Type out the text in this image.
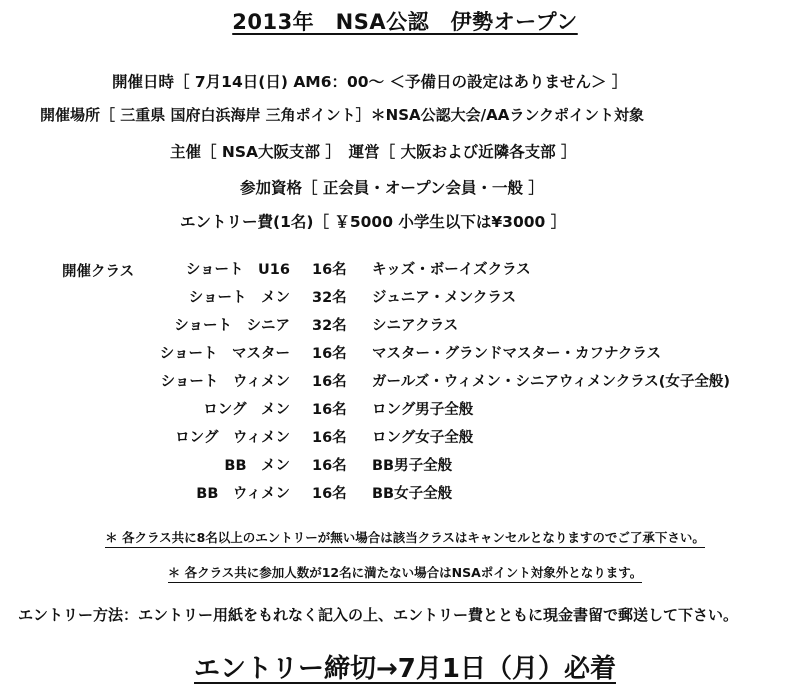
2013年　NSA公認　伊勢オープン
開催日時［ 7月14日(日) AM6：00～ ＜予備日の設定はありません＞ ］
開催場所［ 三重県 国府白浜海岸 三角ポイント］＊NSA公認大会/AAランクポイント対象
主催［ NSA大阪支部 ］　運営［ 大阪および近隣各支部 ］
参加資格［ 正会員・オープン会員・一般 ］
エントリー費(1名)［ ￥5000 小学生以下は¥3000 ］
開催クラス	ショート　U16 16名 キッズ・ボーイズクラス
ショート　メン 32名 ジュニア・メンクラス
ショート　シニア 32名 シニアクラス
ショート　マスター 16名 マスター・グランドマスター・カフナクラス
ショート　ウィメン 16名 ガールズ・ウィメン・シニアウィメンクラス(女子全般)
ロング　メン 16名 ロング男子全般
ロング　ウィメン 16名 ロング女子全般
BB　メン 16名 BB男子全般
BB　ウィメン 16名 BB女子全般
＊ 各クラス共に8名以上のエントリーが無い場合は該当クラスはキャンセルとなりますのでご了承下さい。
＊ 各クラス共に参加人数が12名に満たない場合はNSAポイント対象外となります。
エントリー方法：エントリー用紙をもれなく記入の上、エントリー費とともに現金書留で郵送して下さい。
エントリー締切→7月1日（月）必着
